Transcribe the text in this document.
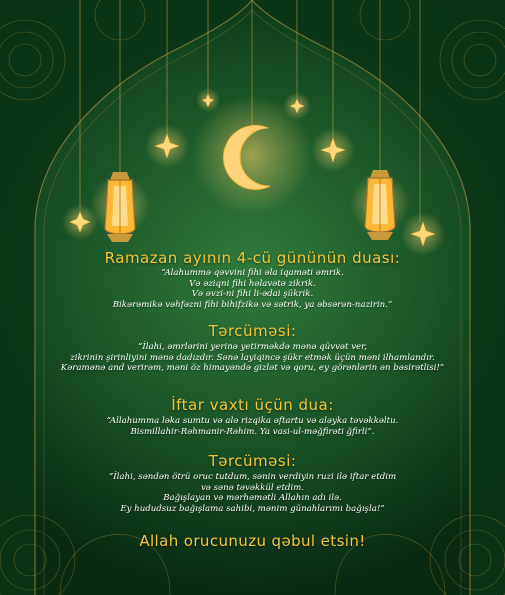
Ramazan ayının 4-cü gününün duası:
“Alahummə qəvvini fihi əla iqaməti əmrik.
Və əziqni fihi həlavətə zikrik.
Və əvzi-ni fihi li-ədai şükrik.
Bikərəmikə vəhfəzni fihi bihifzikə və sətrik, ya əbsərən-nazirin.”
Tərcüməsi:
“İlahi, əmrlərini yerinə yetirməkdə mənə qüvvət ver,
zikrinin şirinliyini mənə dadızdır. Sənə layiqincə şükr etmək üçün məni ilhamlandır.
Kəramənə and verirəm, məni öz himayəndə gizlət və qoru, ey görənlərin ən bəsirətlisi!”
İftar vaxtı üçün dua:
“Allahumma ləka sumtu və alə rizqika əftartu və aləyka təvəkkəltu.
Bismillahir-Rəhmanir-Rəhim. Ya vasi-ul-məğfirəti ğfirli”.
Tərcüməsi:
“İlahi, səndən ötrü oruc tutdum, sənin verdiyin ruzi ilə iftar etdim
və sənə təvəkkül etdim.
Bağışlayan və mərhəmətli Allahın adı ilə.
Ey hududsuz bağışlama sahibi, mənim günahlarımı bağışla!”
Allah orucunuzu qəbul etsin!
